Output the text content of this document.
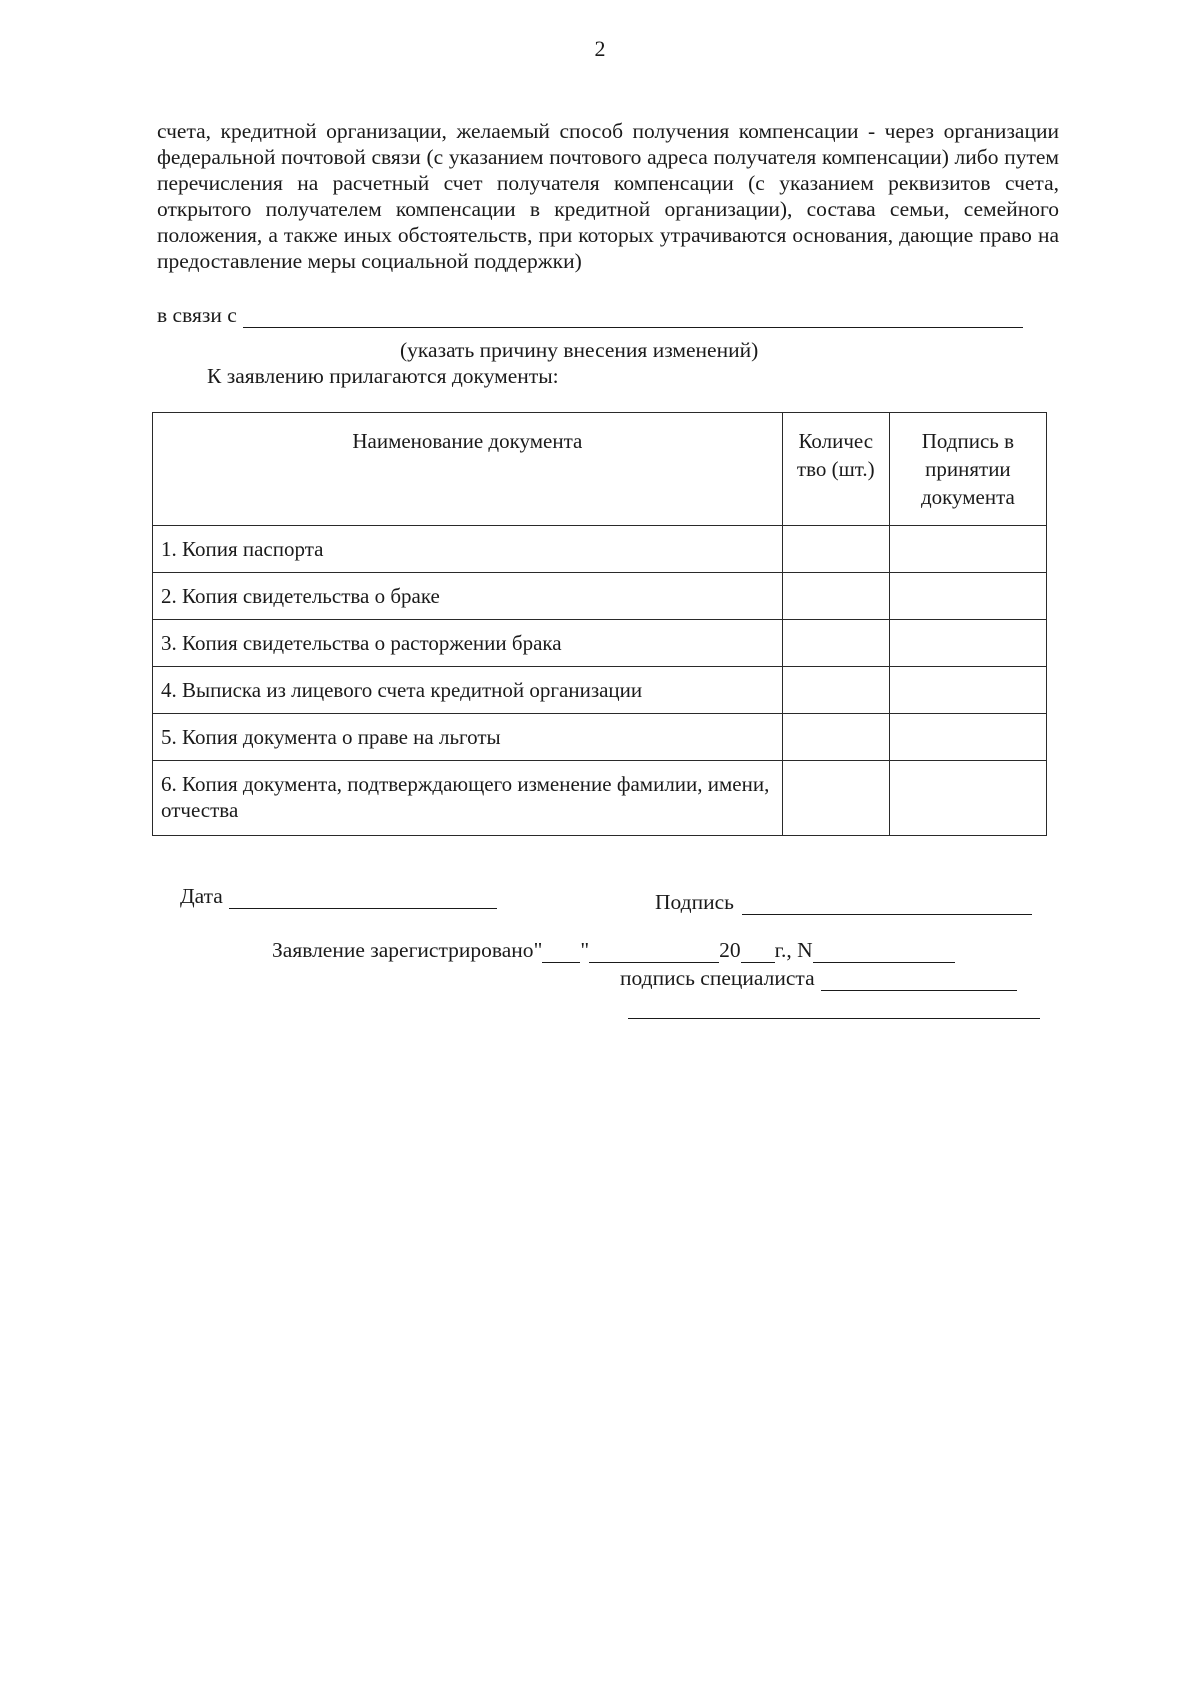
2

счета, кредитной организации, желаемый способ получения компенсации - через организации федеральной почтовой связи (с указанием почтового адреса получателя компенсации) либо путем перечисления на расчетный счет получателя компенсации (с указанием реквизитов счета, открытого получателем компенсации в кредитной организации), состава семьи, семейного положения, а также иных обстоятельств, при которых утрачиваются основания, дающие право на предоставление меры социальной поддержки)

в связи с
(указать причину внесения изменений)
К заявлению прилагаются документы:
Наименование документа	Количес тво (шт.)	Подпись в принятии документа
1. Копия паспорта		
2. Копия свидетельства о браке		
3. Копия свидетельства о расторжении брака		
4. Выписка из лицевого счета кредитной организации		
5. Копия документа о праве на льготы		
6. Копия документа, подтверждающего изменение фамилии, имени, отчества		
Дата	Подпись
Заявление зарегистрировано " "	20 г., N
подпись специалиста
